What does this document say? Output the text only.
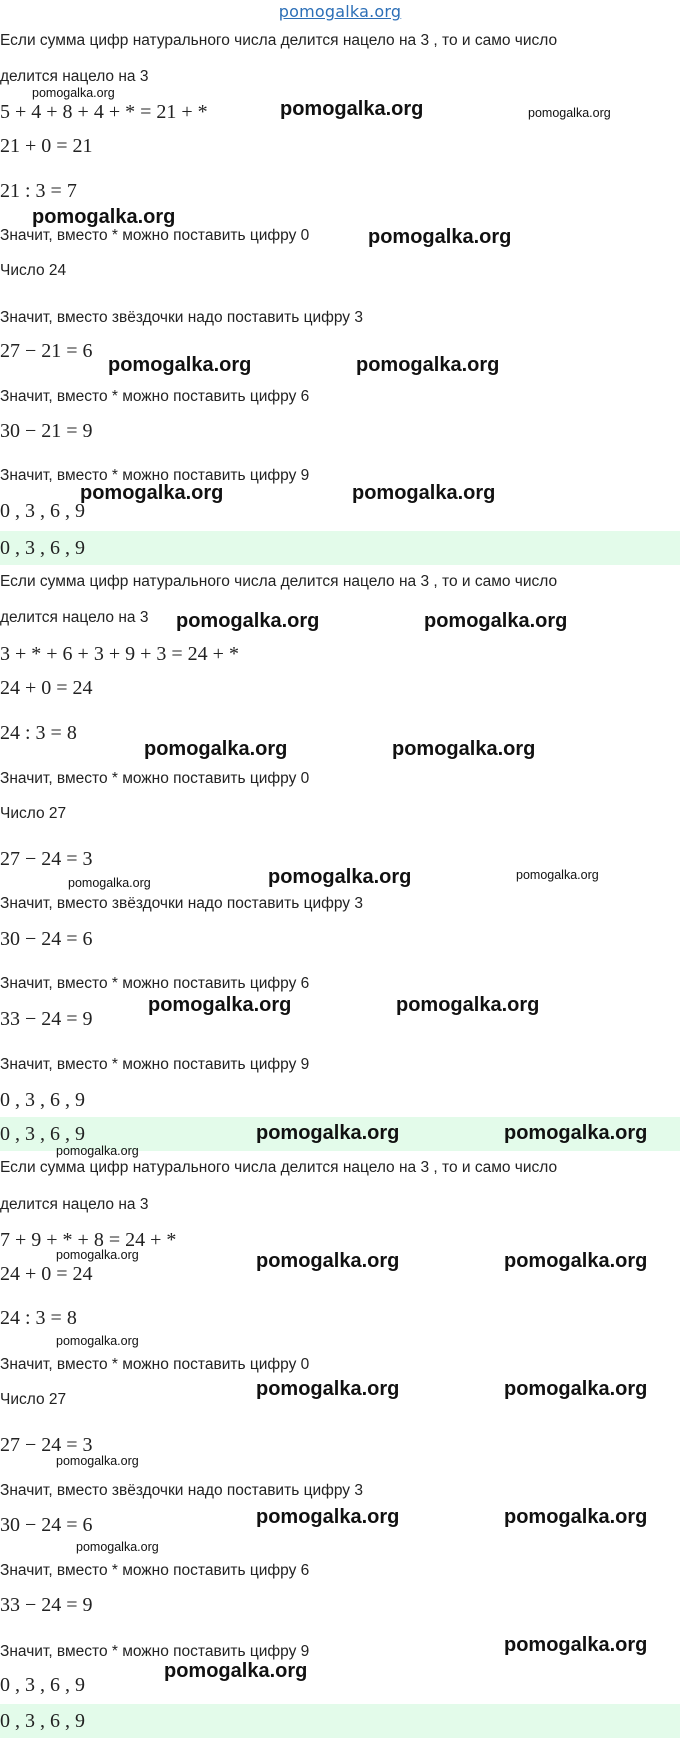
pomogalka.org
Если сумма цифр натурального числа делится нацело на 3 , то и само число
делится нацело на 3
5 + 4 + 8 + 4 + * = 21 + *
21 + 0 = 21
21 : 3 = 7
Значит, вместо * можно поставить цифру 0
Число 24
Значит, вместо звёздочки надо поставить цифру 3
27 − 21 = 6
Значит, вместо * можно поставить цифру 6
30 − 21 = 9
Значит, вместо * можно поставить цифру 9
0 , 3 , 6 , 9
0 , 3 , 6 , 9
Если сумма цифр натурального числа делится нацело на 3 , то и само число
делится нацело на 3
3 + * + 6 + 3 + 9 + 3 = 24 + *
24 + 0 = 24
24 : 3 = 8
Значит, вместо * можно поставить цифру 0
Число 27
27 − 24 = 3
Значит, вместо звёздочки надо поставить цифру 3
30 − 24 = 6
Значит, вместо * можно поставить цифру 6
33 − 24 = 9
Значит, вместо * можно поставить цифру 9
0 , 3 , 6 , 9
0 , 3 , 6 , 9
Если сумма цифр натурального числа делится нацело на 3 , то и само число
делится нацело на 3
7 + 9 + * + 8 = 24 + *
24 + 0 = 24
24 : 3 = 8
Значит, вместо * можно поставить цифру 0
Число 27
27 − 24 = 3
Значит, вместо звёздочки надо поставить цифру 3
30 − 24 = 6
Значит, вместо * можно поставить цифру 6
33 − 24 = 9
Значит, вместо * можно поставить цифру 9
0 , 3 , 6 , 9
0 , 3 , 6 , 9
pomogalka.org
pomogalka.org	pomogalka.org
pomogalka.org
pomogalka.org
pomogalka.org	pomogalka.org
pomogalka.org	pomogalka.org
pomogalka.org	pomogalka.org
pomogalka.org	pomogalka.org
pomogalka.org	pomogalka.org	pomogalka.org
pomogalka.org	pomogalka.org
pomogalka.org
pomogalka.org	pomogalka.org
pomogalka.org	pomogalka.org	pomogalka.org
pomogalka.org
pomogalka.org	pomogalka.org
pomogalka.org
pomogalka.org	pomogalka.org
pomogalka.org
pomogalka.org
pomogalka.org
